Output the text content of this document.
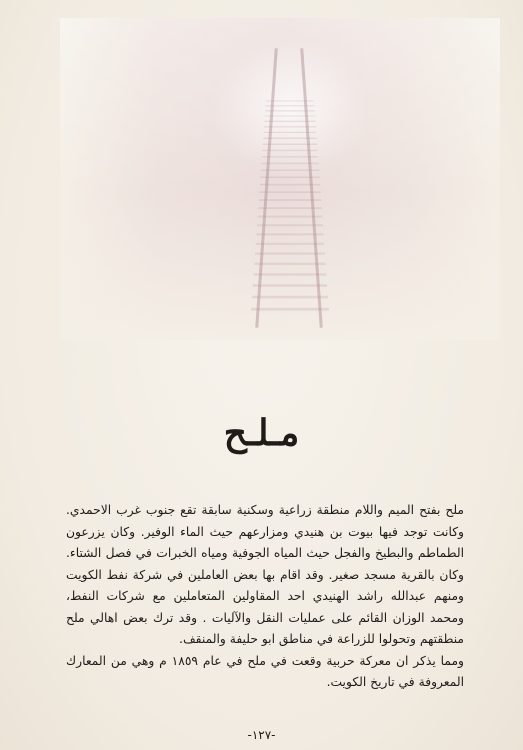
مـلـح

ملح بفتح الميم واللام منطقة زراعية وسكنية سابقة تقع جنوب غرب الاحمدي. وكانت توجد فيها بيوت بن هنيدي ومزارعهم حيث الماء الوفير. وكان يزرعون الطماطم والبطيخ والفجل حيث المياه الجوفية ومياه الخبرات في فصل الشتاء. وكان بالقرية مسجد صغير. وقد اقام بها بعض العاملين في شركة نفط الكويت ومنهم عبدالله راشد الهنيدي احد المقاولين المتعاملين مع شركات النفط، ومحمد الوزان القائم على عمليات النقل والآليات . وقد ترك بعض اهالي ملح منطقتهم وتحولوا للزراعة في مناطق ابو حليفة والمنقف.

ومما يذكر ان معركة حربية وقعت في ملح في عام ١٨٥٩ م وهي من المعارك المعروفة في تاريخ الكويت.

-١٢٧-
